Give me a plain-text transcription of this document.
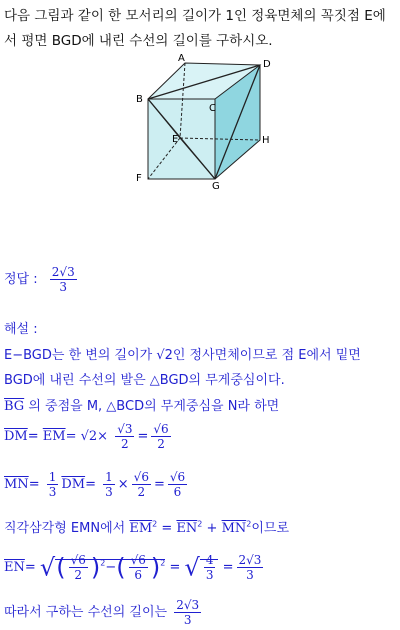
다음 그림과 같이 한 모서리의 길이가 1인 정육면체의 꼭짓점 E에
서 평면 BGD에 내린 수선의 길이를 구하시오.
A
D
B
C
E	H
F
G
정답 : $\frac{2√3}{3}$
해설 :
E−BGD는 한 변의 길이가 √2인 정사면체이므로 점 E에서 밑면
BGD에 내린 수선의 발은 △BGD의 무게중심이다.
$\overline{BG}$ 의 중점을 M, △BCD의 무게중심을 N라 하면
$\overline{DM}= \overline{EM}= √2\times \frac{√3}{2} = \frac{√6}{2}$
$\overline{MN}= \frac{1}{3} \overline{DM}= \frac{1}{3} \times \frac{√6}{2} = \frac{√6}{6}$
직각삼각형 EMN에서 $\overline{EM}^2 = \overline{EN}^2 + \overline{MN}^2$이므로
$\overline{EN}=$ √( $\frac{√6}{2} )^2-( \frac{√6}{6} )^2$ = √ $\frac{4}{3} = \frac{2√3}{3}$
따라서 구하는 수선의 길이는 $\frac{2√3}{3}$
